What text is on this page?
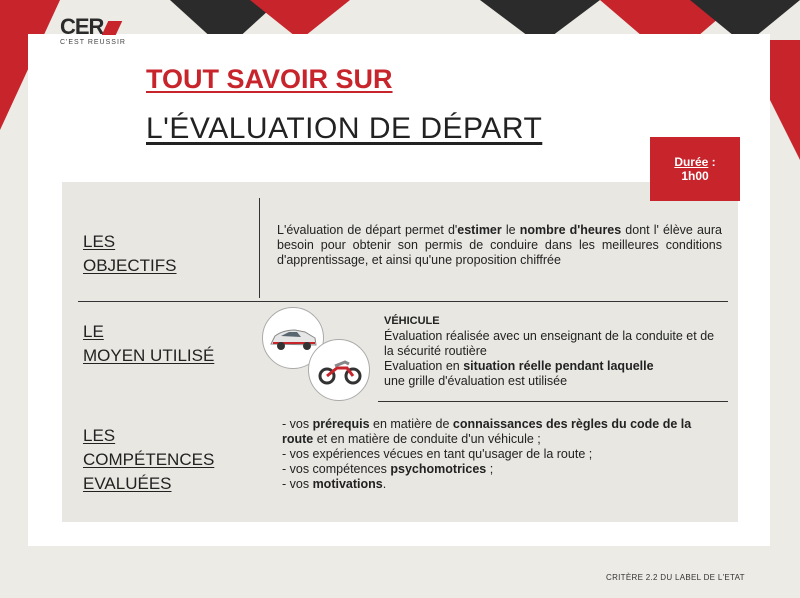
CER
C'EST REUSSIR
TOUT SAVOIR SUR
L'ÉVALUATION DE DÉPART
Durée :
1h00
LES
OBJECTIFS
L'évaluation de départ permet d'estimer le nombre d'heures dont l' élève aura besoin pour obtenir son permis de conduire dans les meilleures conditions d'apprentissage, et ainsi qu'une proposition chiffrée
LE
MOYEN UTILISÉ
VÉHICULE
Évaluation réalisée avec un enseignant de la conduite et de la sécurité routière
Evaluation en situation réelle pendant laquelle
une grille d'évaluation est utilisée
LES
COMPÉTENCES
EVALUÉES
- vos prérequis en matière de connaissances des règles du code de la route et en matière de conduite d'un véhicule ;
- vos expériences vécues en tant qu'usager de la route ;
- vos compétences psychomotrices ;
- vos motivations.
CRITÈRE 2.2 DU LABEL DE L'ETAT
